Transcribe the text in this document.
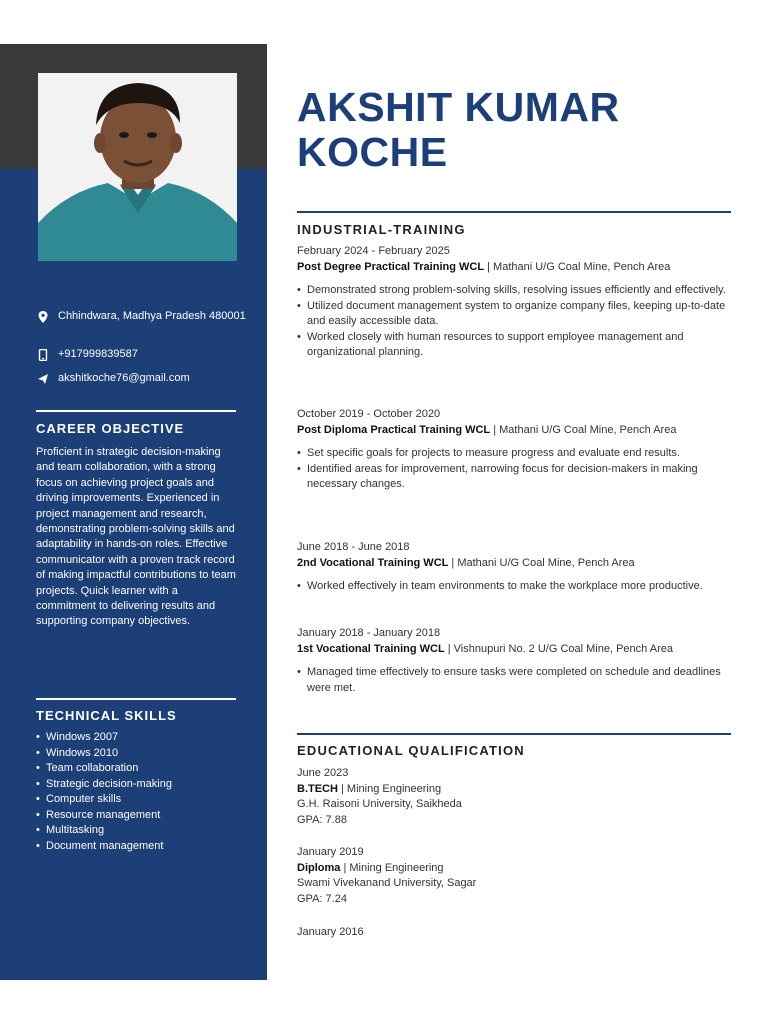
Chhindwara, Madhya Pradesh 480001
+917999839587
akshitkoche76@gmail.com
CAREER OBJECTIVE
Proficient in strategic decision-making and team collaboration, with a strong focus on achieving project goals and driving improvements. Experienced in project management and research, demonstrating problem-solving skills and adaptability in hands-on roles. Effective communicator with a proven track record of making impactful contributions to team projects. Quick learner with a commitment to delivering results and supporting company objectives.
TECHNICAL SKILLS
• Windows 2007
• Windows 2010
• Team collaboration
• Strategic decision-making
• Computer skills
• Resource management
• Multitasking
• Document management
AKSHIT KUMAR KOCHE
INDUSTRIAL-TRAINING
February 2024 - February 2025
Post Degree Practical Training WCL | Mathani U/G Coal Mine, Pench Area
• Demonstrated strong problem-solving skills, resolving issues efficiently and effectively.
• Utilized document management system to organize company files, keeping up-to-date and easily accessible data.
• Worked closely with human resources to support employee management and organizational planning.
October 2019 - October 2020
Post Diploma Practical Training WCL | Mathani U/G Coal Mine, Pench Area
• Set specific goals for projects to measure progress and evaluate end results.
• Identified areas for improvement, narrowing focus for decision-makers in making necessary changes.
June 2018 - June 2018
2nd Vocational Training WCL | Mathani U/G Coal Mine, Pench Area
• Worked effectively in team environments to make the workplace more productive.
January 2018 - January 2018
1st Vocational Training WCL | Vishnupuri No. 2 U/G Coal Mine, Pench Area
• Managed time effectively to ensure tasks were completed on schedule and deadlines were met.
EDUCATIONAL QUALIFICATION
June 2023
B.TECH | Mining Engineering
G.H. Raisoni University, Saikheda
GPA: 7.88
January 2019
Diploma | Mining Engineering
Swami Vivekanand University, Sagar
GPA: 7.24
January 2016
